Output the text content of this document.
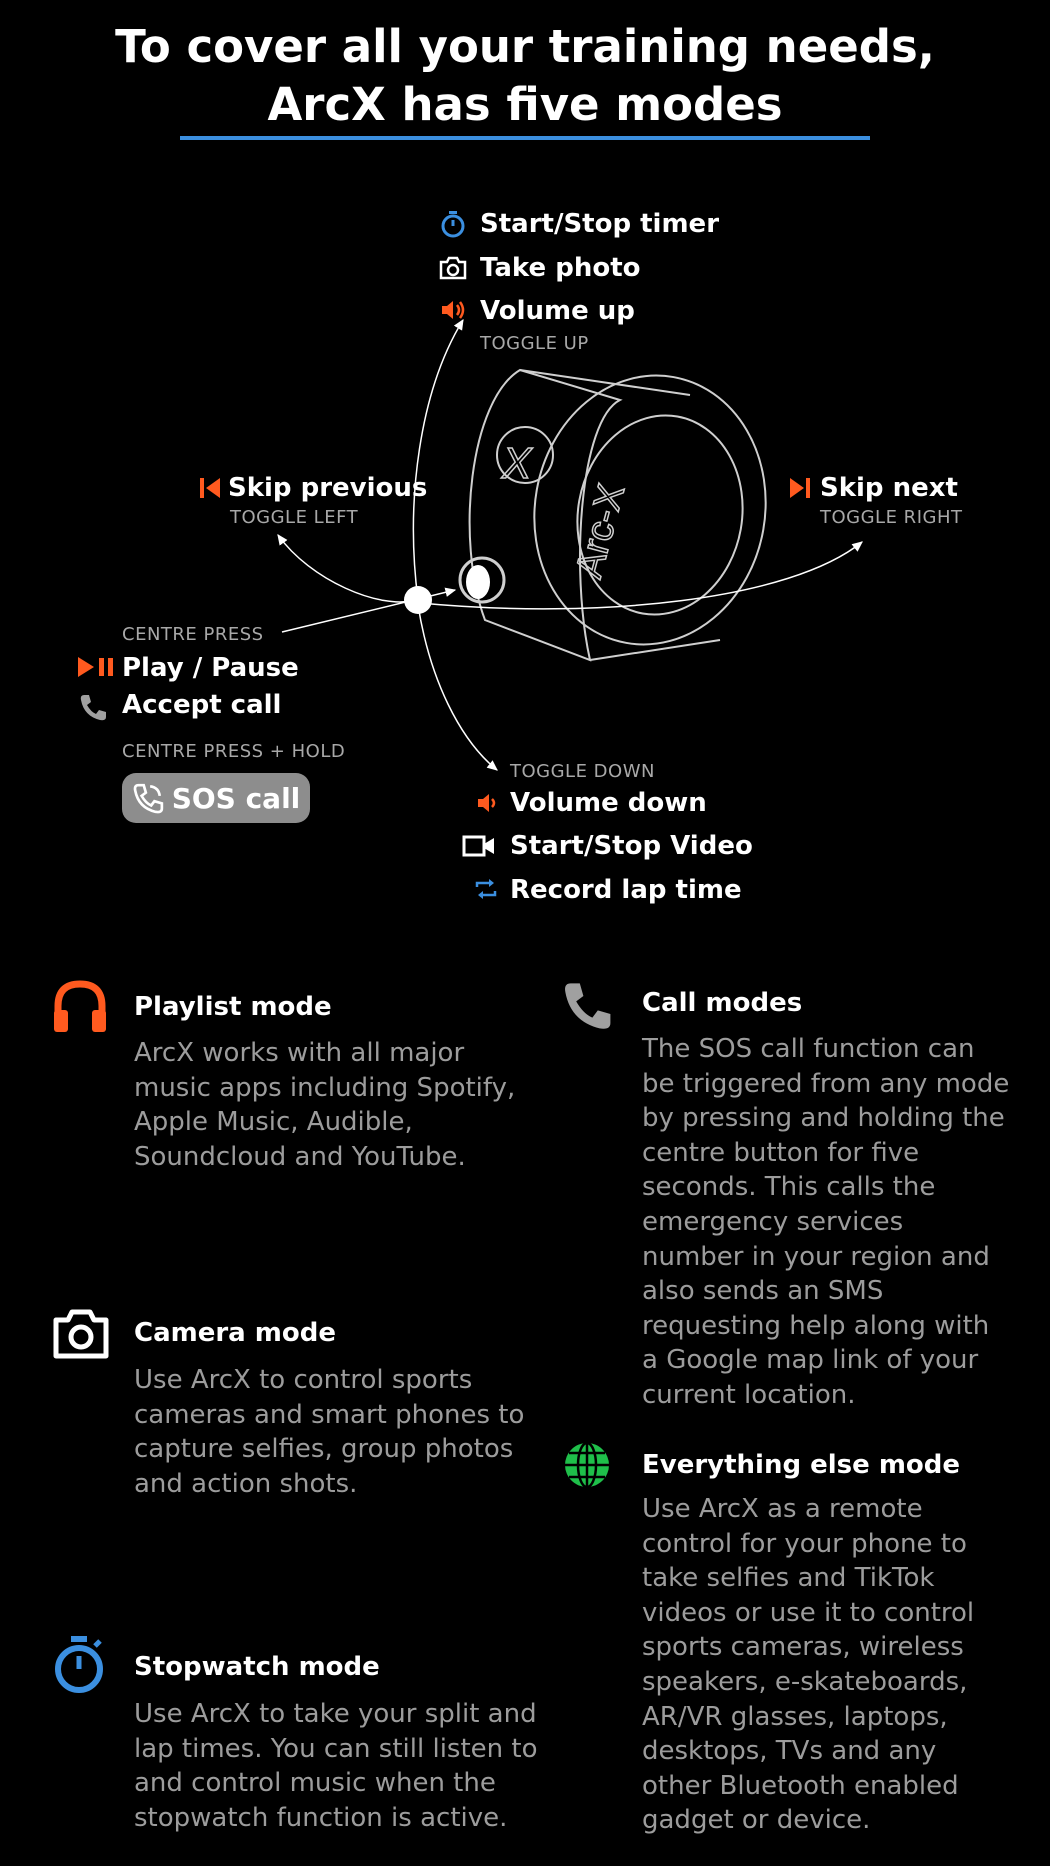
To cover all your training needs,
ArcX has five modes
X
Arc-X
Start/Stop timer
Take photo
Volume up
TOGGLE UP
Skip previous
TOGGLE LEFT
Skip next
TOGGLE RIGHT
CENTRE PRESS
Play / Pause
Accept call
CENTRE PRESS + HOLD
SOS call
TOGGLE DOWN
Volume down
Start/Stop Video
Record lap time
Playlist mode
ArcX works with all major
music apps including Spotify,
Apple Music, Audible,
Soundcloud and YouTube.
Camera mode
Use ArcX to control sports
cameras and smart phones to
capture selfies, group photos
and action shots.
Stopwatch mode
Use ArcX to take your split and
lap times. You can still listen to
and control music when the
stopwatch function is active.
Call modes
The SOS call function can
be triggered from any mode
by pressing and holding the
centre button for five
seconds. This calls the
emergency services
number in your region and
also sends an SMS
requesting help along with
a Google map link of your
current location.
Everything else mode
Use ArcX as a remote
control for your phone to
take selfies and TikTok
videos or use it to control
sports cameras, wireless
speakers, e-skateboards,
AR/VR glasses, laptops,
desktops, TVs and any
other Bluetooth enabled
gadget or device.
